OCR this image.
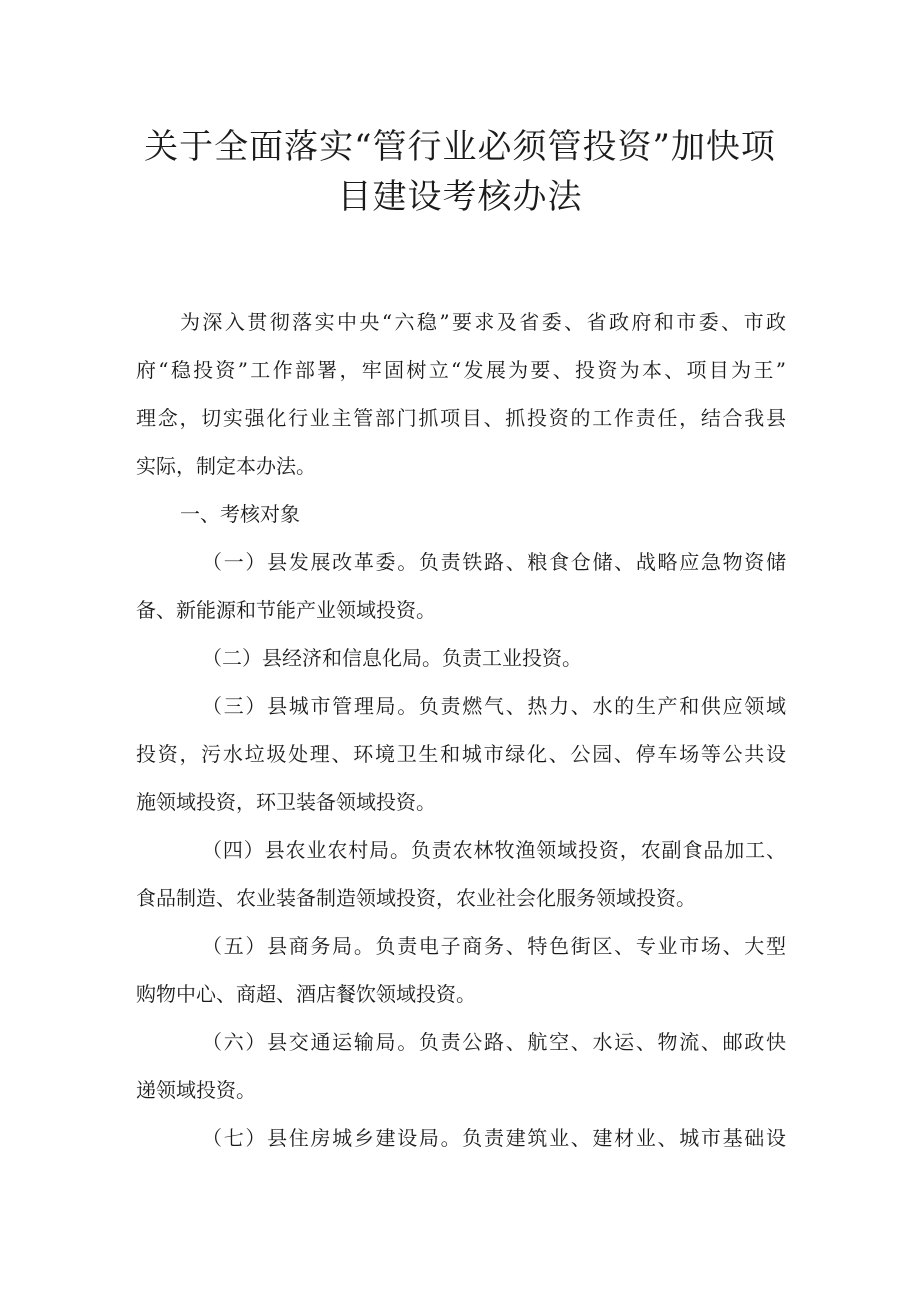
关于全面落实“管行业必须管投资”加快项
目建设考核办法
为深入贯彻落实中央“六稳”要求及省委、省政府和市委、市政
府“稳投资”工作部署，牢固树立“发展为要、投资为本、项目为王”
理念，切实强化行业主管部门抓项目、抓投资的工作责任，结合我县
实际，制定本办法。
一、考核对象
（一）县发展改革委。负责铁路、粮食仓储、战略应急物资储
备、新能源和节能产业领域投资。
（二）县经济和信息化局。负责工业投资。
（三）县城市管理局。负责燃气、热力、水的生产和供应领域
投资，污水垃圾处理、环境卫生和城市绿化、公园、停车场等公共设
施领域投资，环卫装备领域投资。
（四）县农业农村局。负责农林牧渔领域投资，农副食品加工、
食品制造、农业装备制造领域投资，农业社会化服务领域投资。
（五）县商务局。负责电子商务、特色街区、专业市场、大型
购物中心、商超、酒店餐饮领域投资。
（六）县交通运输局。负责公路、航空、水运、物流、邮政快
递领域投资。
（七）县住房城乡建设局。负责建筑业、建材业、城市基础设
